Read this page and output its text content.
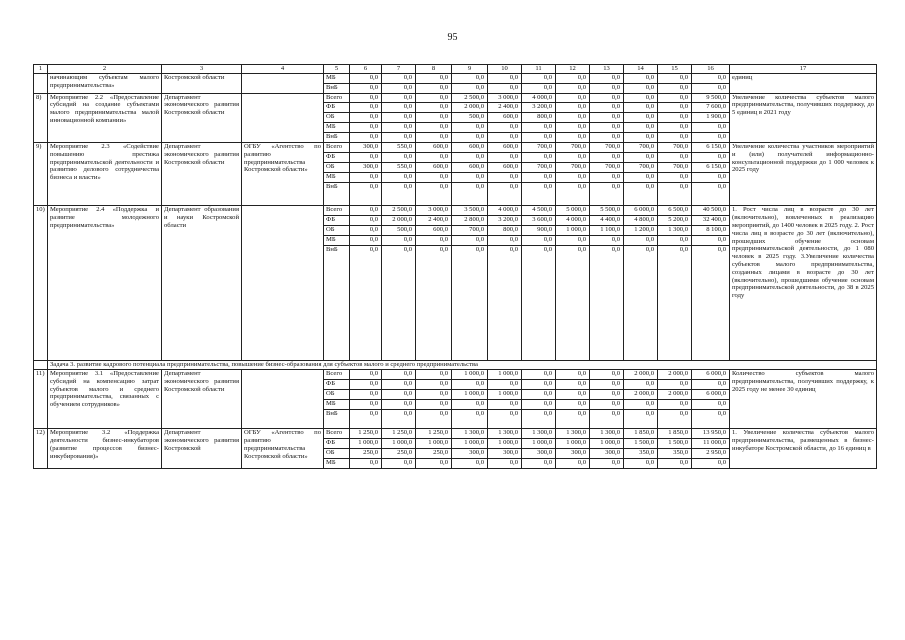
95
1	2	3	4	5	6	7	8	9	10	11	12	13	14	15	16	17
	начинающим субъектам малого предпринимательства»	Костромской области		МБ	0,0	0,0	0,0	0,0	0,0	0,0	0,0	0,0	0,0	0,0	0,0	единиц
				ВнБ	0,0	0,0	0,0	0,0	0,0	0,0	0,0	0,0	0,0	0,0	0,0	
8)	Мероприятие 2.2 «Предоставление субсидий на создание субъектами малого предпринимательства малой инновационной компании»	Департамент экономического развития Костромской области		Всего	0,0	0,0	0,0	2 500,0	3 000,0	4 000,0	0,0	0,0	0,0	0,0	9 500,0	Увеличение количества субъектов малого предпринимательства, получивших поддержку, до 5 единиц в 2021 году
				ФБ	0,0	0,0	0,0	2 000,0	2 400,0	3 200,0	0,0	0,0	0,0	0,0	7 600,0	
				ОБ	0,0	0,0	0,0	500,0	600,0	800,0	0,0	0,0	0,0	0,0	1 900,0	
				МБ	0,0	0,0	0,0	0,0	0,0	0,0	0,0	0,0	0,0	0,0	0,0	
				ВнБ	0,0	0,0	0,0	0,0	0,0	0,0	0,0	0,0	0,0	0,0	0,0	
9)	Мероприятие 2.3 «Содействие повышению престижа предпринимательской деятельности и развитию делового сотрудничества бизнеса и власти»	Департамент экономического развития Костромской области	ОГБУ «Агентство по развитию предпринимательства Костромской области»	Всего	300,0	550,0	600,0	600,0	600,0	700,0	700,0	700,0	700,0	700,0	6 150,0	Увеличение количества участников мероприятий и (или) получателей информационно-консультационной поддержки до 1 000 человек к 2025 году
				ФБ	0,0	0,0	0,0	0,0	0,0	0,0	0,0	0,0	0,0	0,0	0,0	
				ОБ	300,0	550,0	600,0	600,0	600,0	700,0	700,0	700,0	700,0	700,0	6 150,0	
				МБ	0,0	0,0	0,0	0,0	0,0	0,0	0,0	0,0	0,0	0,0	0,0	
				ВнБ	0,0	0,0	0,0	0,0	0,0	0,0	0,0	0,0	0,0	0,0	0,0	
10)	Мероприятие 2.4 «Поддержка и развитие молодежного предпринимательства»	Департамент образования и науки Костромской области		Всего	0,0	2 500,0	3 000,0	3 500,0	4 000,0	4 500,0	5 000,0	5 500,0	6 000,0	6 500,0	40 500,0	1. Рост числа лиц в возрасте до 30 лет (включительно), вовлеченных в реализацию мероприятий, до 1400 человек в 2025 году. 2. Рост числа лиц в возрасте до 30 лет (включительно), прошедших обучение основам предпринимательской деятельности, до 1 080 человек в 2025 году. 3.Увеличение количества субъектов малого предпринимательства, созданных лицами в возрасте до 30 лет (включительно), прошедшими обучение основам предпринимательской деятельности, до 38 в 2025 году
				ФБ	0,0	2 000,0	2 400,0	2 800,0	3 200,0	3 600,0	4 000,0	4 400,0	4 800,0	5 200,0	32 400,0	
				ОБ	0,0	500,0	600,0	700,0	800,0	900,0	1 000,0	1 100,0	1 200,0	1 300,0	8 100,0	
				МБ	0,0	0,0	0,0	0,0	0,0	0,0	0,0	0,0	0,0	0,0	0,0	
				ВнБ	0,0	0,0	0,0	0,0	0,0	0,0	0,0	0,0	0,0	0,0	0,0	
	Задача 3. развитие кадрового потенциала предпринимательства, повышение бизнес-образования для субъектов малого и среднего предпринимательства															
11)	Мероприятие 3.1 «Предоставление субсидий на компенсацию затрат субъектов малого и среднего предпринимательства, связанных с обучением сотрудников»	Департамент экономического развития Костромской области		Всего	0,0	0,0	0,0	1 000,0	1 000,0	0,0	0,0	0,0	2 000,0	2 000,0	6 000,0	Количество субъектов малого предпринимательства, получивших поддержку, к 2025 году не менее 30 единиц
				ФБ	0,0	0,0	0,0	0,0	0,0	0,0	0,0	0,0	0,0	0,0	0,0	
				ОБ	0,0	0,0	0,0	1 000,0	1 000,0	0,0	0,0	0,0	2 000,0	2 000,0	6 000,0	
				МБ	0,0	0,0	0,0	0,0	0,0	0,0	0,0	0,0	0,0	0,0	0,0	
				ВнБ	0,0	0,0	0,0	0,0	0,0	0,0	0,0	0,0	0,0	0,0	0,0	
12)	Мероприятие 3.2 «Поддержка деятельности бизнес-инкубаторов (развитие процессов бизнес-инкубирования)»	Департамент экономического развития Костромской	ОГБУ «Агентство по развитию предпринимательства Костромской области»	Всего	1 250,0	1 250,0	1 250,0	1 300,0	1 300,0	1 300,0	1 300,0	1 300,0	1 850,0	1 850,0	13 950,0	1. Увеличение количества субъектов малого предпринимательства, размещенных в бизнес-инкубаторе Костромской области, до 16 единиц в
				ФБ	1 000,0	1 000,0	1 000,0	1 000,0	1 000,0	1 000,0	1 000,0	1 000,0	1 500,0	1 500,0	11 000,0	
				ОБ	250,0	250,0	250,0	300,0	300,0	300,0	300,0	300,0	350,0	350,0	2 950,0	
				МБ	0,0	0,0	0,0	0,0	0,0	0,0	0,0	0,0	0,0	0,0	0,0	
